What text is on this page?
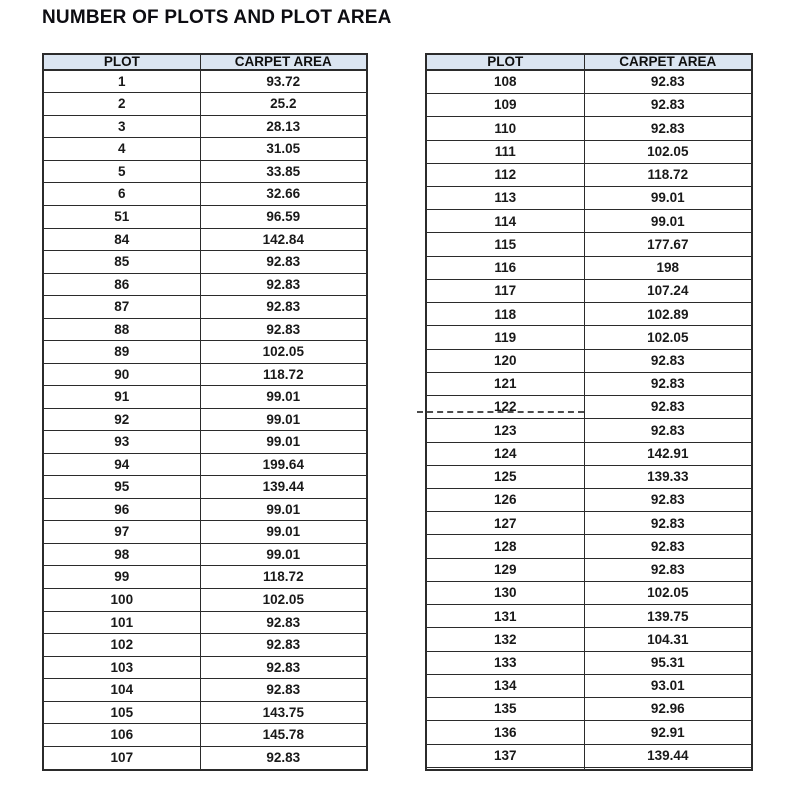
NUMBER OF PLOTS AND PLOT AREA
PLOT	CARPET AREA
1	93.72
2	25.2
3	28.13
4	31.05
5	33.85
6	32.66
51	96.59
84	142.84
85	92.83
86	92.83
87	92.83
88	92.83
89	102.05
90	118.72
91	99.01
92	99.01
93	99.01
94	199.64
95	139.44
96	99.01
97	99.01
98	99.01
99	118.72
100	102.05
101	92.83
102	92.83
103	92.83
104	92.83
105	143.75
106	145.78
107	92.83
PLOT	CARPET AREA
108	92.83
109	92.83
110	92.83
111	102.05
112	118.72
113	99.01
114	99.01
115	177.67
116	198
117	107.24
118	102.89
119	102.05
120	92.83
121	92.83
122	92.83
123	92.83
124	142.91
125	139.33
126	92.83
127	92.83
128	92.83
129	92.83
130	102.05
131	139.75
132	104.31
133	95.31
134	93.01
135	92.96
136	92.91
137	139.44
